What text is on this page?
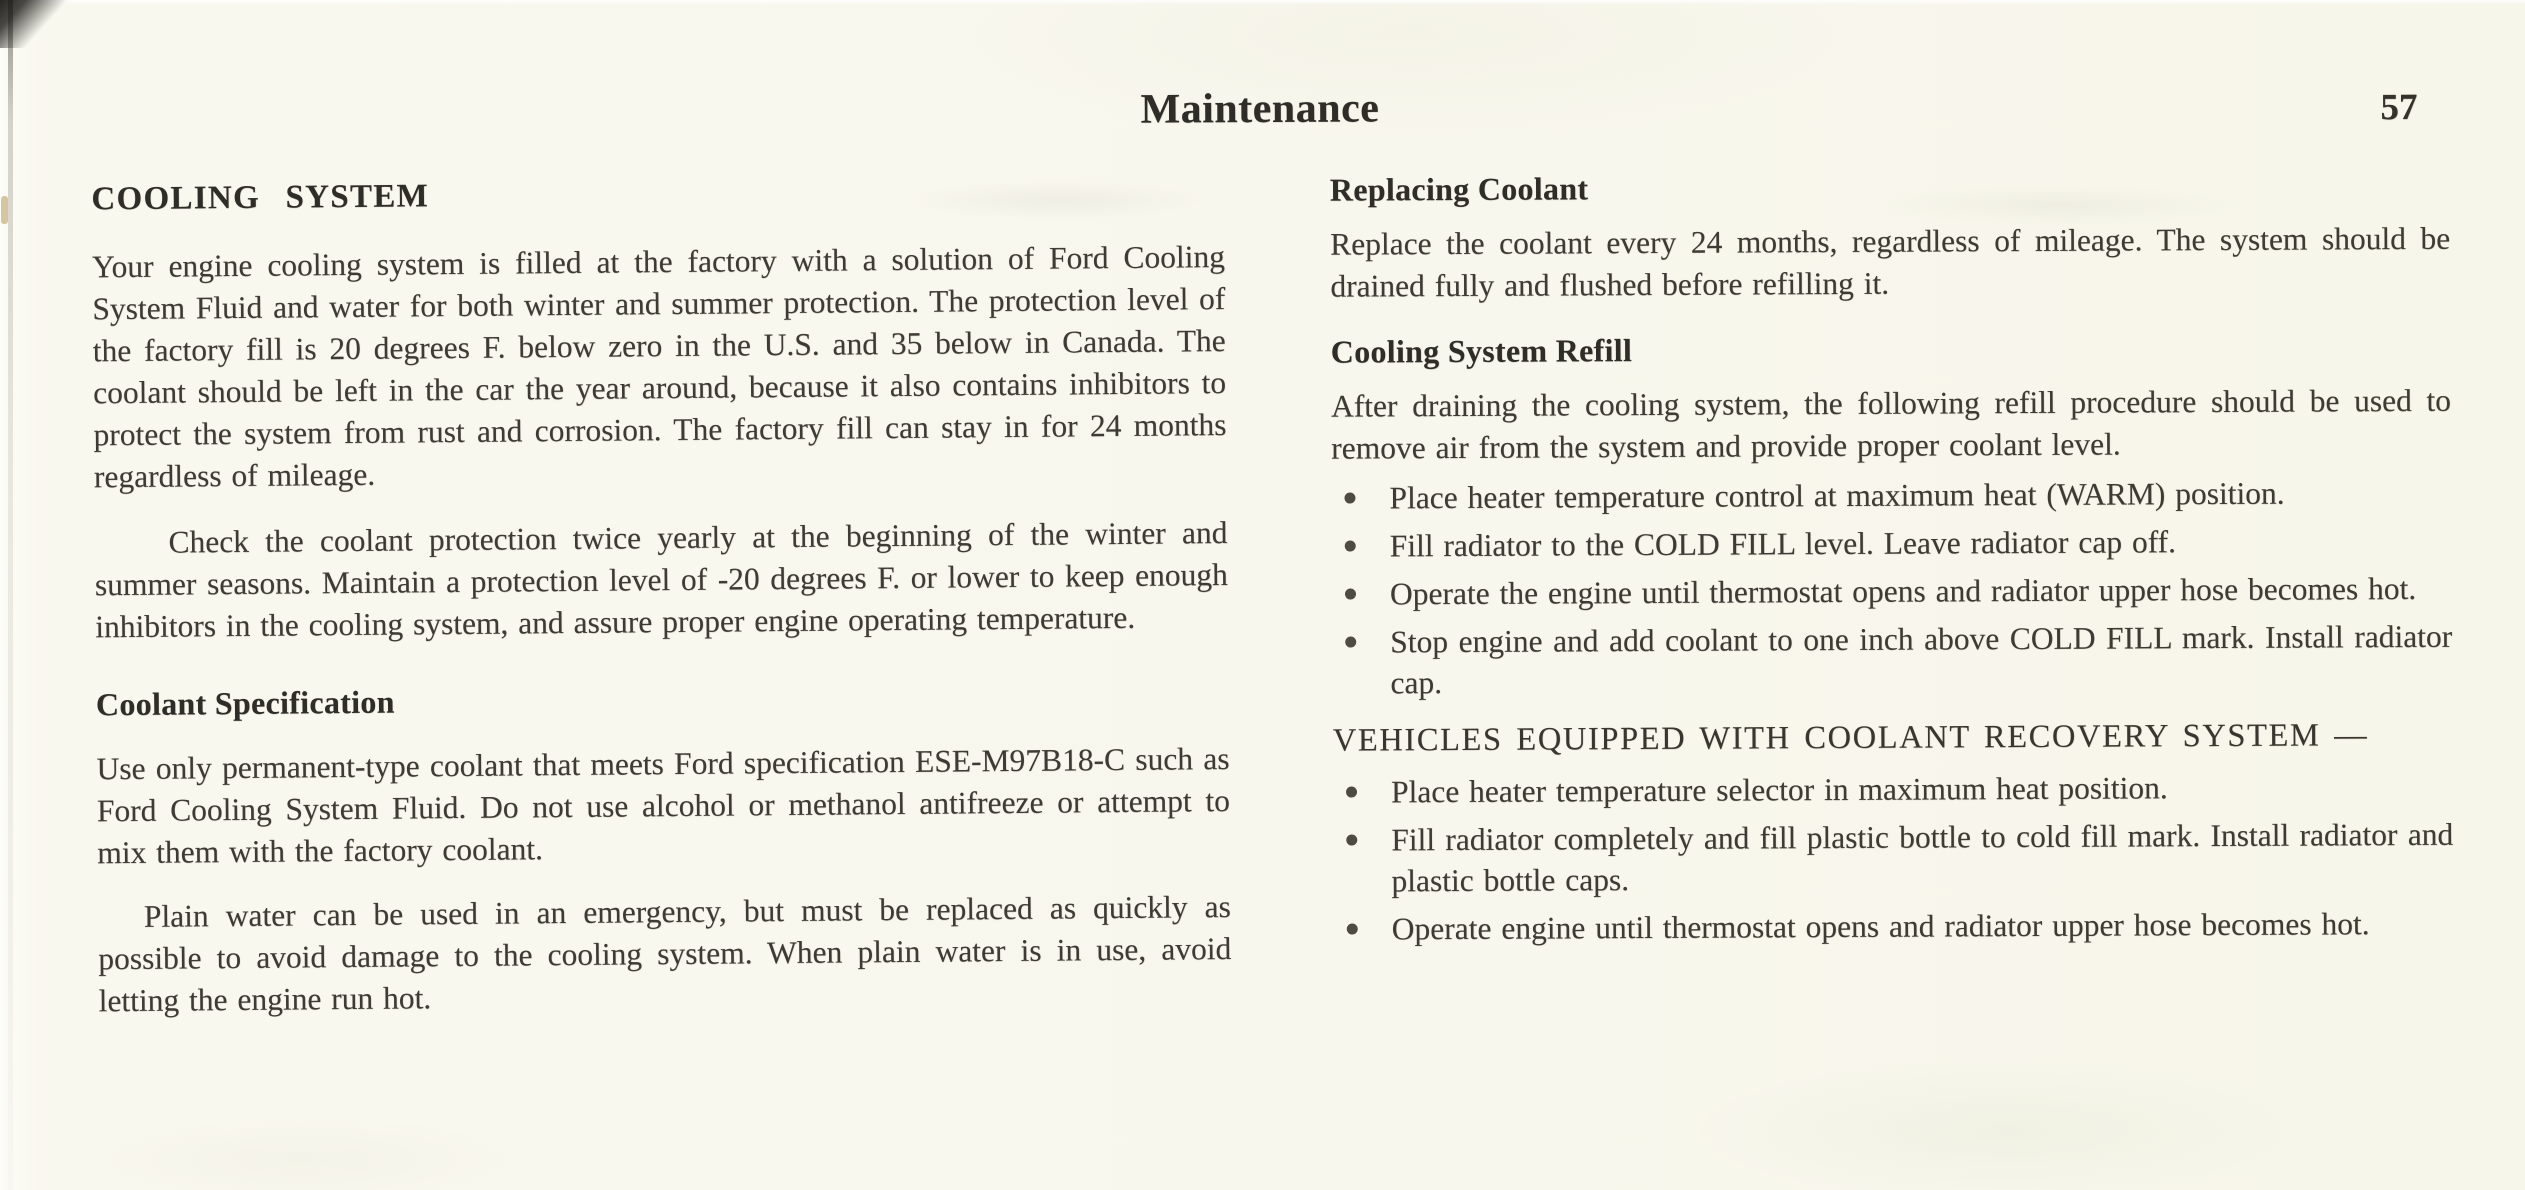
Maintenance	57
COOLING SYSTEM

Your engine cooling system is filled at the factory with a solution of Ford Cooling System Fluid and water for both winter and summer protection. The protection level of the factory fill is 20 degrees F. below zero in the U.S. and 35 below in Canada. The coolant should be left in the car the year around, because it also contains inhibitors to protect the system from rust and corrosion. The factory fill can stay in for 24 months regardless of mileage.

Check the coolant protection twice yearly at the beginning of the winter and summer seasons. Maintain a protection level of -20 degrees F. or lower to keep enough inhibitors in the cooling system, and assure proper engine operating temperature.

Coolant Specification

Use only permanent-type coolant that meets Ford specification ESE-M97B18-C such as Ford Cooling System Fluid. Do not use alcohol or methanol antifreeze or attempt to mix them with the factory coolant.

Plain water can be used in an emergency, but must be replaced as quickly as possible to avoid damage to the cooling system. When plain water is in use, avoid letting the engine run hot.

Replacing Coolant

Replace the coolant every 24 months, regardless of mileage. The system should be drained fully and flushed before refilling it.

Cooling System Refill

After draining the cooling system, the following refill procedure should be used to remove air from the system and provide proper coolant level.

Place heater temperature control at maximum heat (WARM) position.
Fill radiator to the COLD FILL level. Leave radiator cap off.
Operate the engine until thermostat opens and radiator upper hose becomes hot.
Stop engine and add coolant to one inch above COLD FILL mark. Install radiator cap.
VEHICLES EQUIPPED WITH COOLANT RECOVERY SYSTEM —
Place heater temperature selector in maximum heat position.
Fill radiator completely and fill plastic bottle to cold fill mark. Install radiator and plastic bottle caps.
Operate engine until thermostat opens and radiator upper hose becomes hot.
